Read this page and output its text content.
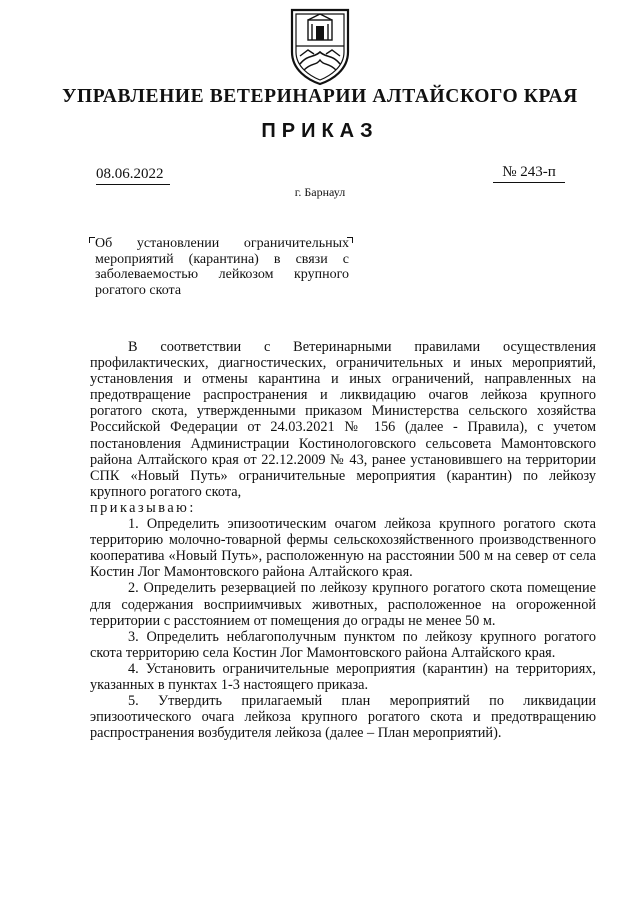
УПРАВЛЕНИЕ ВЕТЕРИНАРИИ АЛТАЙСКОГО КРАЯ
ПРИКАЗ
08.06.2022	№ 243-п
г. Барнаул
Об установлении ограничительных мероприятий (карантина) в связи с заболеваемостью лейкозом крупного рогатого скота

В соответствии с Ветеринарными правилами осуществления профилактических, диагностических, ограничительных и иных мероприятий, установления и отмены карантина и иных ограничений, направленных на предотвращение распространения и ликвидацию очагов лейкоза крупного рогатого скота, утвержденными приказом Министерства сельского хозяйства Российской Федерации от 24.03.2021 № 156 (далее - Правила), с учетом постановления Администрации Костинологовского сельсовета Мамонтовского района Алтайского края от 22.12.2009 № 43, ранее установившего на территории СПК «Новый Путь» ограничительные мероприятия (карантин) по лейкозу крупного рогатого скота,

приказываю:

1. Определить эпизоотическим очагом лейкоза крупного рогатого скота территорию молочно-товарной фермы сельскохозяйственного производственного кооператива «Новый Путь», расположенную на расстоянии 500 м на север от села Костин Лог Мамонтовского района Алтайского края.

2. Определить резервацией по лейкозу крупного рогатого скота помещение для содержания восприимчивых животных, расположенное на огороженной территории с расстоянием от помещения до ограды не менее 50 м.

3. Определить неблагополучным пунктом по лейкозу крупного рогатого скота территорию села Костин Лог Мамонтовского района Алтайского края.

4. Установить ограничительные мероприятия (карантин) на территориях, указанных в пунктах 1-3 настоящего приказа.

5. Утвердить прилагаемый план мероприятий по ликвидации эпизоотического очага лейкоза крупного рогатого скота и предотвращению распространения возбудителя лейкоза (далее – План мероприятий).
